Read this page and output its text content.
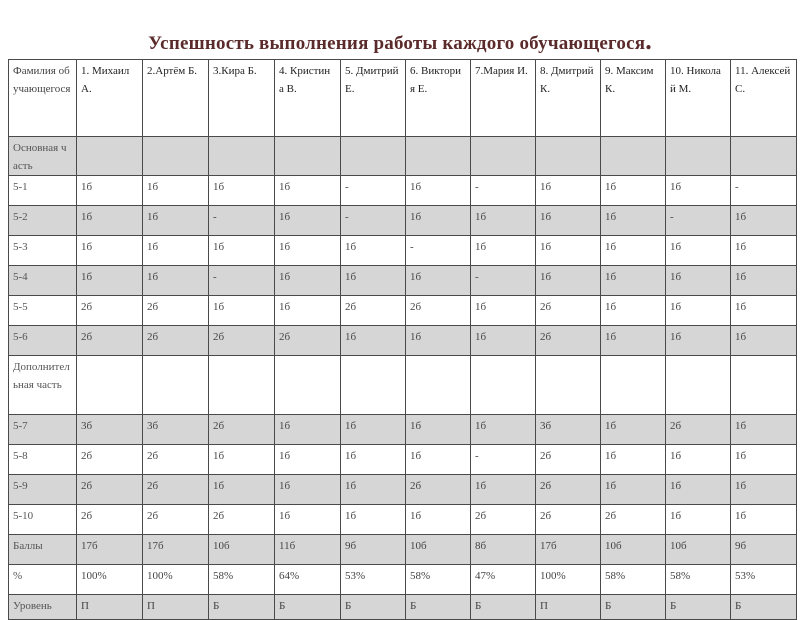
Успешность выполнения работы каждого обучающегося.
Фамилия обучающегося	1. Михаил А.	2.Артём Б.	3.Кира Б.	4. Кристина В.	5. Дмитрий Е.	6. Виктория Е.	7.Мария И.	8. Дмитрий К.	9. Максим К.	10. Николай М.	11. Алексей С.
Основная часть											
5-1	1б	1б	1б	1б	-	1б	-	1б	1б	1б	-
5-2	1б	1б	-	1б	-	1б	1б	1б	1б	-	1б
5-3	1б	1б	1б	1б	1б	-	1б	1б	1б	1б	1б
5-4	1б	1б	-	1б	1б	1б	-	1б	1б	1б	1б
5-5	2б	2б	1б	1б	2б	2б	1б	2б	1б	1б	1б
5-6	2б	2б	2б	2б	1б	1б	1б	2б	1б	1б	1б
Дополнительная часть											
5-7	3б	3б	2б	1б	1б	1б	1б	3б	1б	2б	1б
5-8	2б	2б	1б	1б	1б	1б	-	2б	1б	1б	1б
5-9	2б	2б	1б	1б	1б	2б	1б	2б	1б	1б	1б
5-10	2б	2б	2б	1б	1б	1б	2б	2б	2б	1б	1б
Баллы	17б	17б	10б	11б	9б	10б	8б	17б	10б	10б	9б
%	100%	100%	58%	64%	53%	58%	47%	100%	58%	58%	53%
Уровень	П	П	Б	Б	Б	Б	Б	П	Б	Б	Б
